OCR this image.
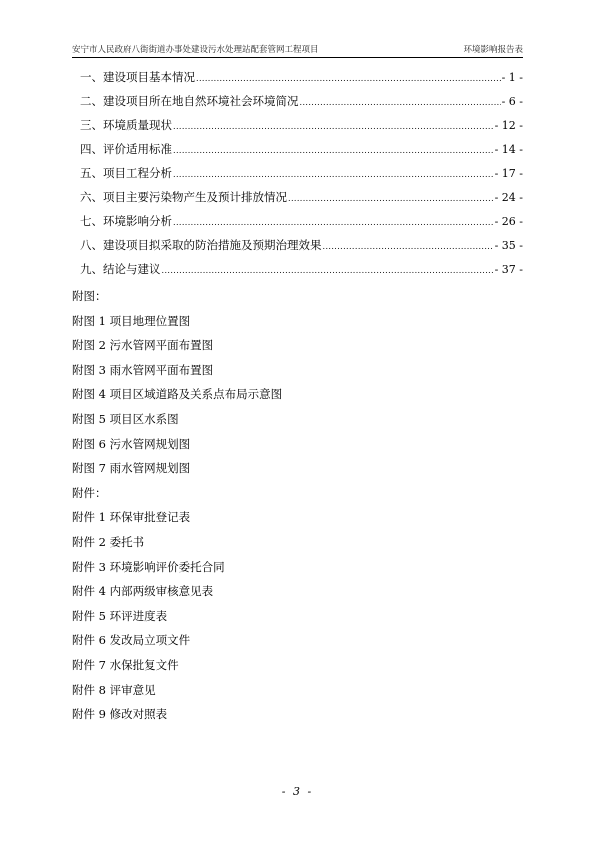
安宁市人民政府八街街道办事处建设污水处理站配套管网工程项目	环境影响报告表
一、建设项目基本情况 .....	- 1 -
二、建设项目所在地自然环境社会环境简况 .....	- 6 -
三、环境质量现状 .....	- 12 -
四、评价适用标准 .....	- 14 -
五、项目工程分析 .....	- 17 -
六、项目主要污染物产生及预计排放情况 .....	- 24 -
七、环境影响分析 .....	- 26 -
八、建设项目拟采取的防治措施及预期治理效果 .....	- 35 -
九、结论与建议 .....	- 37 -
附图：
附图 1 项目地理位置图
附图 2 污水管网平面布置图
附图 3 雨水管网平面布置图
附图 4 项目区域道路及关系点布局示意图
附图 5 项目区水系图
附图 6 污水管网规划图
附图 7 雨水管网规划图
附件：
附件 1 环保审批登记表
附件 2 委托书
附件 3 环境影响评价委托合同
附件 4 内部两级审核意见表
附件 5 环评进度表
附件 6 发改局立项文件
附件 7 水保批复文件
附件 8 评审意见
附件 9 修改对照表
- 3 -
